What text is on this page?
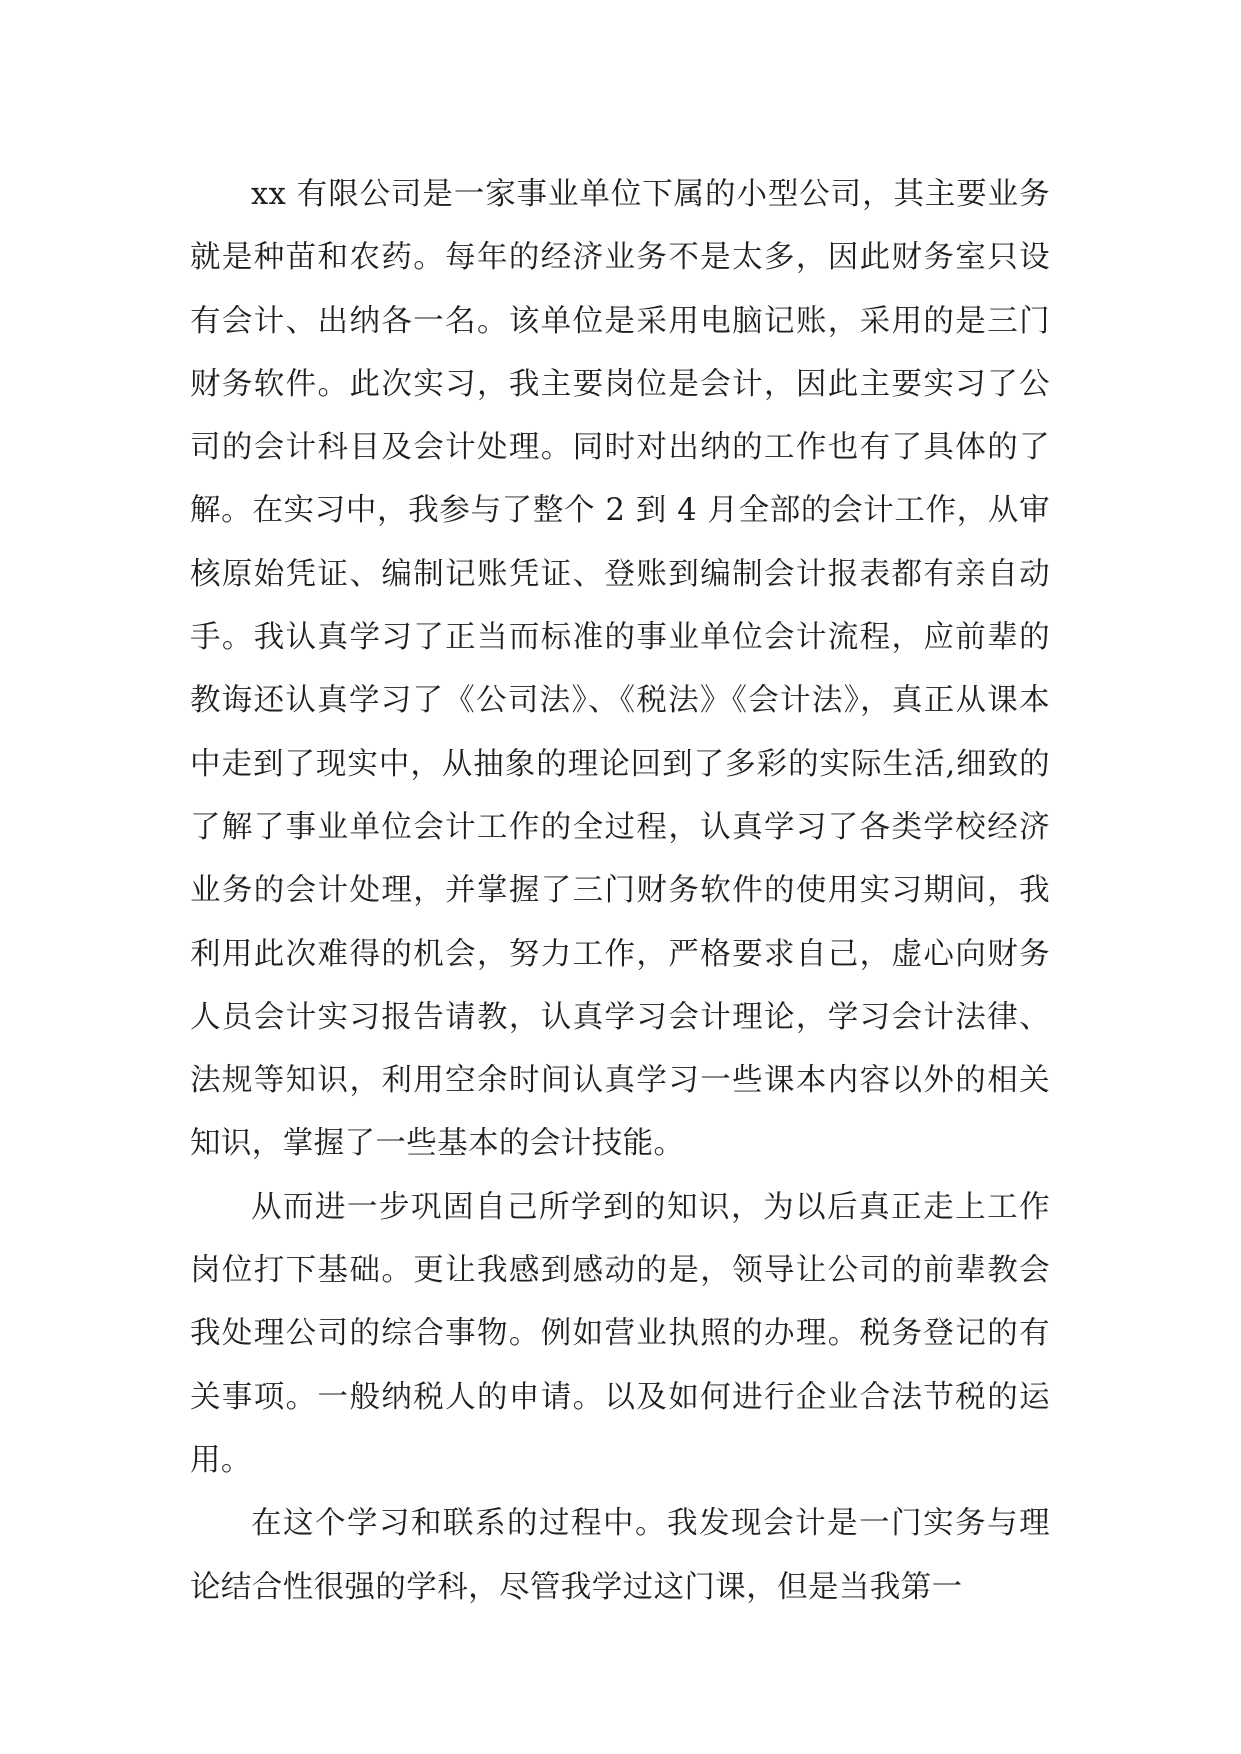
xx 有限公司是一家事业单位下属的小型公司，其主要业务就是种苗和农药。每年的经济业务不是太多，因此财务室只设有会计、出纳各一名。该单位是采用电脑记账，采用的是三门财务软件。此次实习，我主要岗位是会计，因此主要实习了公司的会计科目及会计处理。同时对出纳的工作也有了具体的了解。在实习中，我参与了整个 2 到 4 月全部的会计工作，从审核原始凭证、编制记账凭证、登账到编制会计报表都有亲自动手。我认真学习了正当而标准的事业单位会计流程，应前辈的教诲还认真学习了《公司法》、《税法》《会计法》，真正从课本中走到了现实中，从抽象的理论回到了多彩的实际生活,细致的了解了事业单位会计工作的全过程，认真学习了各类学校经济业务的会计处理，并掌握了三门财务软件的使用实习期间，我利用此次难得的机会，努力工作，严格要求自己，虚心向财务人员会计实习报告请教，认真学习会计理论，学习会计法律、法规等知识，利用空余时间认真学习一些课本内容以外的相关知识，掌握了一些基本的会计技能。

从而进一步巩固自己所学到的知识，为以后真正走上工作岗位打下基础。更让我感到感动的是，领导让公司的前辈教会我处理公司的综合事物。例如营业执照的办理。税务登记的有关事项。一般纳税人的申请。以及如何进行企业合法节税的运用。

在这个学习和联系的过程中。我发现会计是一门实务与理论结合性很强的学科，尽管我学过这门课，但是当我第一
